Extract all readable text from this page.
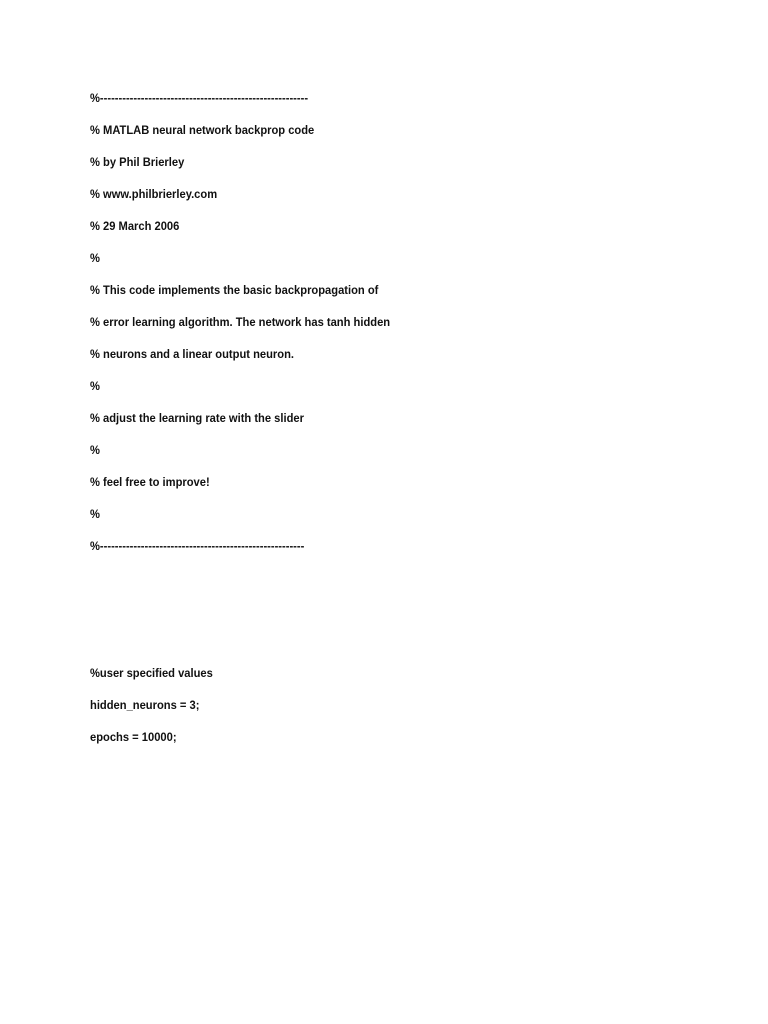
%--------------------------------------------------------

% MATLAB neural network backprop code

% by Phil Brierley

% www.philbrierley.com

% 29 March 2006

%

% This code implements the basic backpropagation of

% error learning algorithm. The network has tanh hidden

% neurons and a linear output neuron.

%

% adjust the learning rate with the slider

%

% feel free to improve!

%

%-------------------------------------------------------

%user specified values

hidden_neurons = 3;

epochs = 10000;
